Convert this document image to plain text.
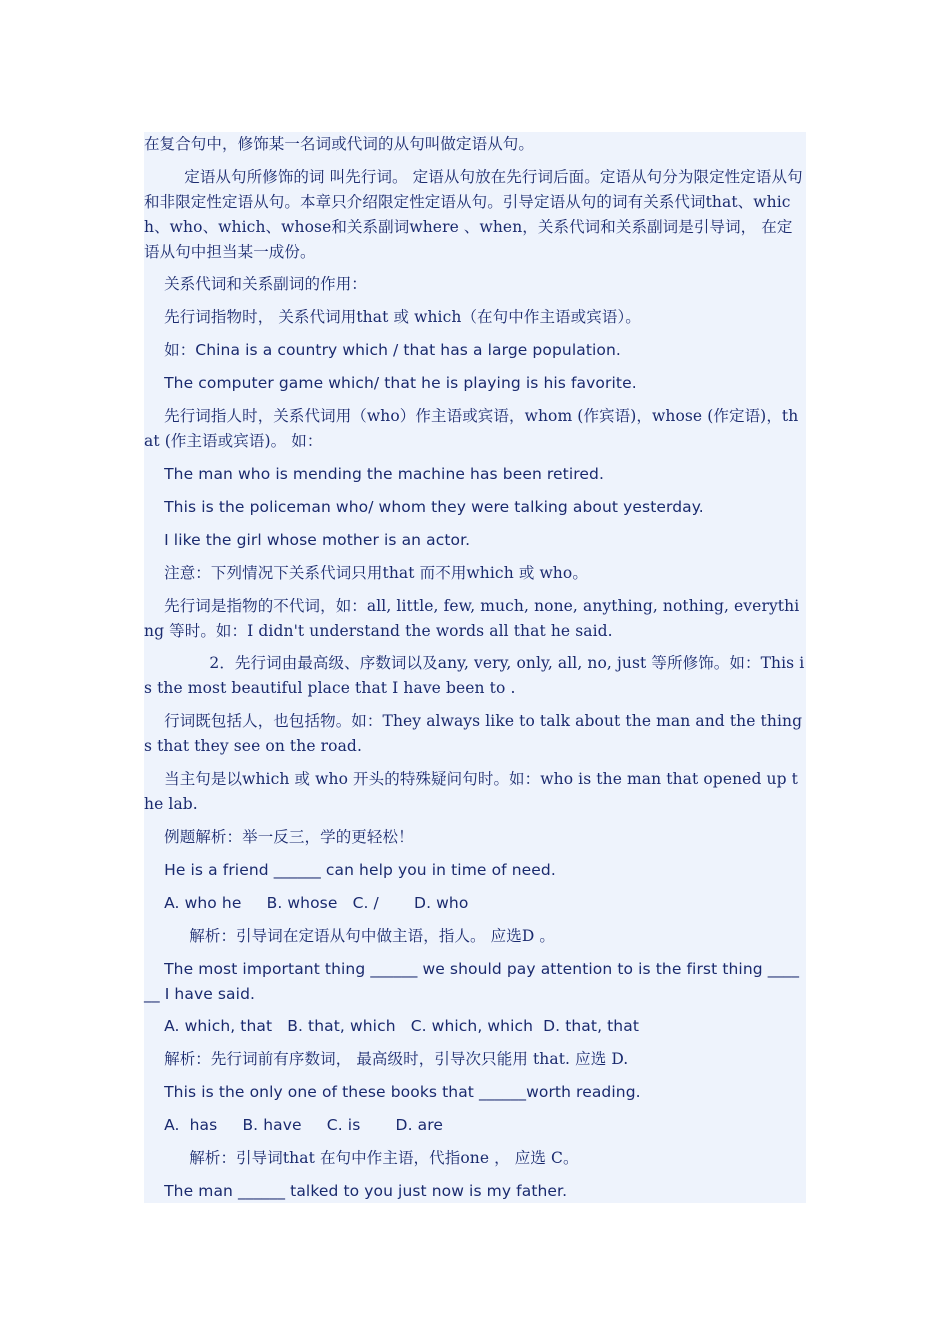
在复合句中，修饰某一名词或代词的从句叫做定语从句。

定语从句所修饰的词 叫先行词。 定语从句放在先行词后面。定语从句分为限定性定语从句和非限定性定语从句。本章只介绍限定性定语从句。引导定语从句的词有关系代词that、which、who、which、whose和关系副词where 、when，关系代词和关系副词是引导词， 在定语从句中担当某一成份。

关系代词和关系副词的作用：

先行词指物时， 关系代词用that 或 which（在句中作主语或宾语）。

如：China is a country which / that has a large population.

The computer game which/ that he is playing is his favorite.

先行词指人时，关系代词用（who）作主语或宾语，whom (作宾语)，whose (作定语)，that (作主语或宾语)。 如：

The man who is mending the machine has been retired.

This is the policeman who/ whom they were talking about yesterday.

I like the girl whose mother is an actor.

注意：下列情况下关系代词只用that 而不用which 或 who。

先行词是指物的不代词，如：all, little, few, much, none, anything, nothing, everything 等时。如：I didn't understand the words all that he said.

2．先行词由最高级、序数词以及any, very, only, all, no, just 等所修饰。如：This is the most beautiful place that I have been to .

行词既包括人，也包括物。如：They always like to talk about the man and the things that they see on the road.

当主句是以which 或 who 开头的特殊疑问句时。如：who is the man that opened up the lab.

例题解析：举一反三，学的更轻松！

He is a friend ______ can help you in time of need.

A. who he     B. whose   C. /       D. who

解析：引导词在定语从句中做主语，指人。 应选D 。

The most important thing ______ we should pay attention to is the first thing ______ I have said.

A. which, that   B. that, which   C. which, which  D. that, that

解析：先行词前有序数词， 最高级时，引导次只能用 that. 应选 D.

This is the only one of these books that ______worth reading.

A.  has     B. have     C. is       D. are

解析：引导词that 在句中作主语，代指one ， 应选 C。

The man ______ talked to you just now is my father.
